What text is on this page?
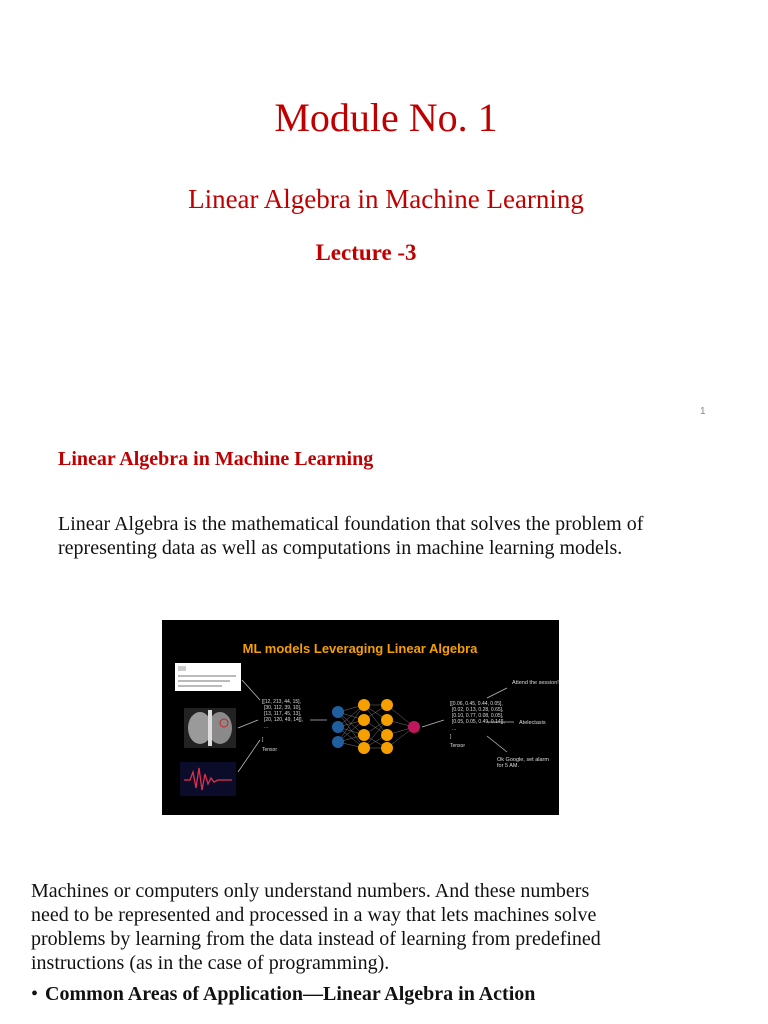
Module No. 1
Linear Algebra in Machine Learning
Lecture -3
1
Linear Algebra in Machine Learning
Linear Algebra is the mathematical foundation that solves the problem of
representing data as well as computations in machine learning models.
ML models Leveraging Linear Algebra
[[12, 213, 44, 15],
[30, 112, 39, 10],
[13, 117, 45, 13],
[20, 120, 49, 14]],
...
]
Tensor
[[0.06, 0.45, 0.44, 0.05],
[0.02, 0.13, 0.28, 0.65],
[0.10, 0.77, 0.08, 0.05],
[0.05, 0.05, 0.49, 0.14]],
...
]
Tensor
Attend the session!
Atelectasis
Ok Google, set alarm
for 5 AM.
Machines or computers only understand numbers. And these numbers
need to be represented and processed in a way that lets machines solve
problems by learning from the data instead of learning from predefined
instructions (as in the case of programming).
• Common Areas of Application—Linear Algebra in Action
